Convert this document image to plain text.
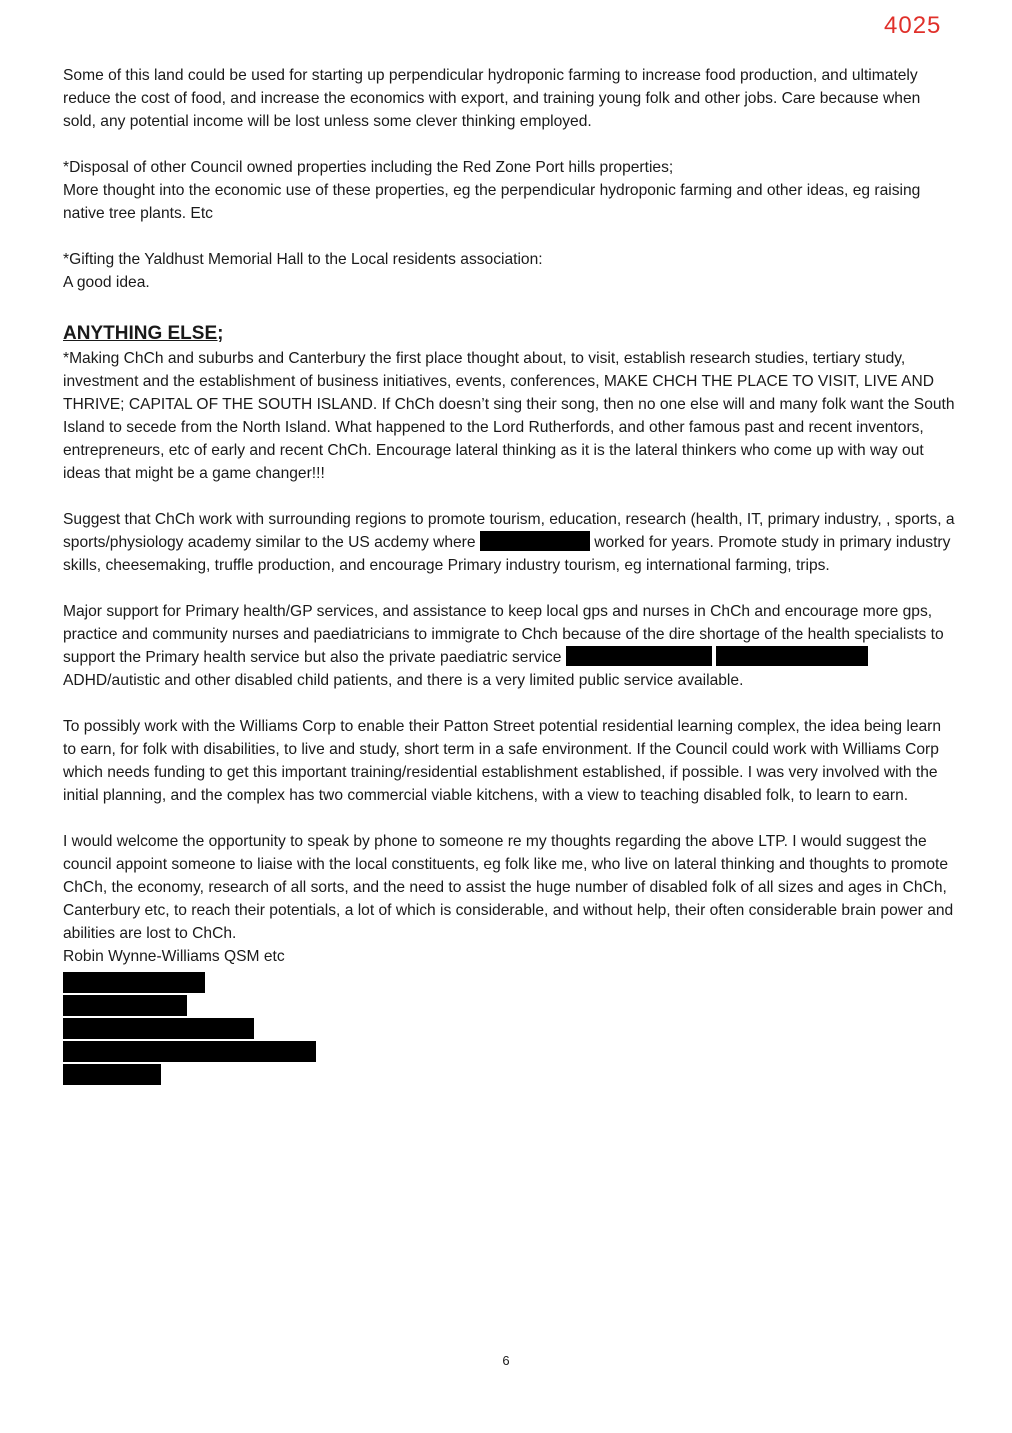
4025

Some of this land could be used for starting up perpendicular hydroponic farming to increase food production, and ultimately reduce the cost of food, and increase the economics with export, and training young folk and other jobs. Care because when sold, any potential income will be lost unless some clever thinking employed.

*Disposal of other Council owned properties including the Red Zone Port hills properties;
More thought into the economic use of these properties, eg the perpendicular hydroponic farming and other ideas, eg raising native tree plants. Etc

*Gifting the Yaldhust Memorial Hall to the Local residents association:
A good idea.

ANYTHING ELSE;

*Making ChCh and suburbs and Canterbury the first place thought about, to visit, establish research studies, tertiary study, investment and the establishment of business initiatives, events, conferences, MAKE CHCH THE PLACE TO VISIT, LIVE AND THRIVE; CAPITAL OF THE SOUTH ISLAND. If ChCh doesn’t sing their song, then no one else will and many folk want the South Island to secede from the North Island. What happened to the Lord Rutherfords, and other famous past and recent inventors, entrepreneurs, etc of early and recent ChCh. Encourage lateral thinking as it is the lateral thinkers who come up with way out ideas that might be a game changer!!!

Suggest that ChCh work with surrounding regions to promote tourism, education, research (health, IT, primary industry, , sports, a sports/physiology academy similar to the US acdemy where	worked for years. Promote study in primary industry skills, cheesemaking, truffle production, and encourage Primary industry tourism, eg international farming, trips.

Major support for Primary health/GP services, and assistance to keep local gps and nurses in ChCh and encourage more gps, practice and community nurses and paediatricians to immigrate to Chch because of the dire shortage of the health specialists to support the Primary health service but also the private paediatric service   ADHD/autistic and other disabled child patients, and there is a very limited public service available.

To possibly work with the Williams Corp to enable their Patton Street potential residential learning complex, the idea being learn to earn, for folk with disabilities, to live and study, short term in a safe environment. If the Council could work with Williams Corp which needs funding to get this important training/residential establishment established, if possible. I was very involved with the initial planning, and the complex has two commercial viable kitchens, with a view to teaching disabled folk, to learn to earn.

I would welcome the opportunity to speak by phone to someone re my thoughts regarding the above LTP. I would suggest the council appoint someone to liaise with the local constituents, eg folk like me, who live on lateral thinking and thoughts to promote ChCh, the economy, research of all sorts, and the need to assist the huge number of disabled folk of all sizes and ages in ChCh, Canterbury etc, to reach their potentials, a lot of which is considerable, and without help, their often considerable brain power and abilities are lost to ChCh.

Robin Wynne-Williams QSM etc
6
